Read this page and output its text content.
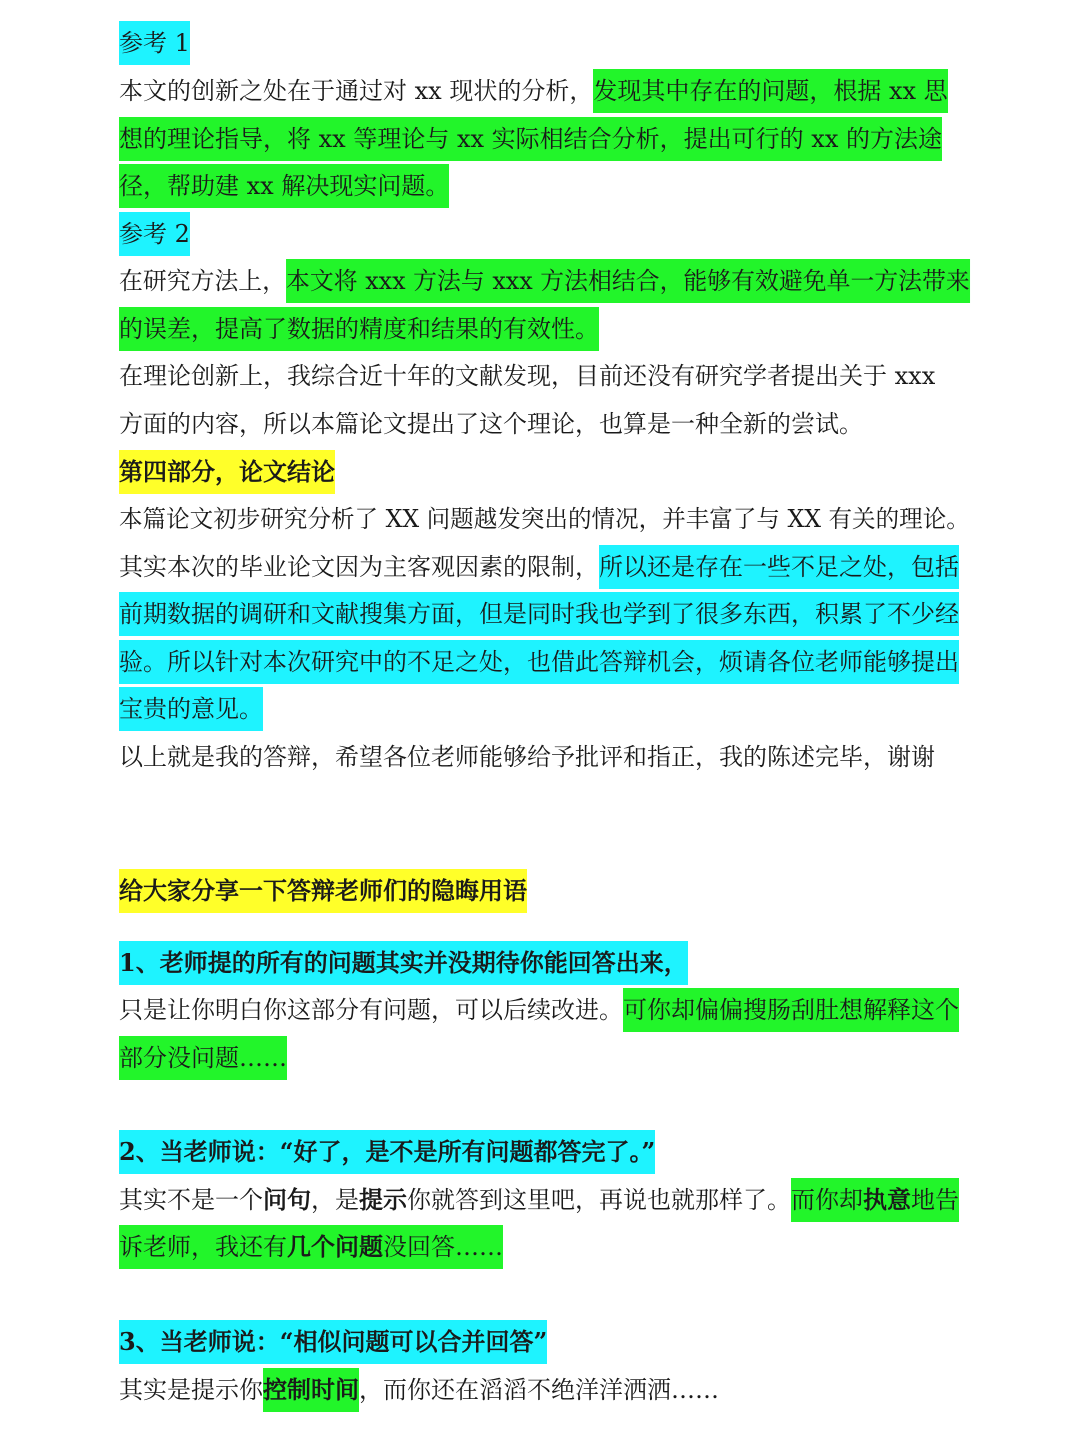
参考 1
本文的创新之处在于通过对 xx 现状的分析，发现其中存在的问题，根据 xx 思
想的理论指导，将 xx 等理论与 xx 实际相结合分析，提出可行的 xx 的方法途
径，帮助建 xx 解决现实问题。
参考 2
在研究方法上，本文将 xxx 方法与 xxx 方法相结合，能够有效避免单一方法带来
的误差，提高了数据的精度和结果的有效性。
在理论创新上，我综合近十年的文献发现，目前还没有研究学者提出关于 xxx
方面的内容，所以本篇论文提出了这个理论，也算是一种全新的尝试。
第四部分，论文结论
本篇论文初步研究分析了 XX 问题越发突出的情况，并丰富了与 XX 有关的理论。
其实本次的毕业论文因为主客观因素的限制，所以还是存在一些不足之处，包括
前期数据的调研和文献搜集方面，但是同时我也学到了很多东西，积累了不少经
验。所以针对本次研究中的不足之处，也借此答辩机会，烦请各位老师能够提出
宝贵的意见。
以上就是我的答辩，希望各位老师能够给予批评和指正，我的陈述完毕，谢谢
给大家分享一下答辩老师们的隐晦用语
1、老师提的所有的问题其实并没期待你能回答出来，
只是让你明白你这部分有问题，可以后续改进。可你却偏偏搜肠刮肚想解释这个
部分没问题……
2、当老师说：“好了，是不是所有问题都答完了。”
其实不是一个问句，是提示你就答到这里吧，再说也就那样了。而你却执意地告
诉老师，我还有几个问题没回答……
3、当老师说：“相似问题可以合并回答”
其实是提示你控制时间，而你还在滔滔不绝洋洋洒洒……
